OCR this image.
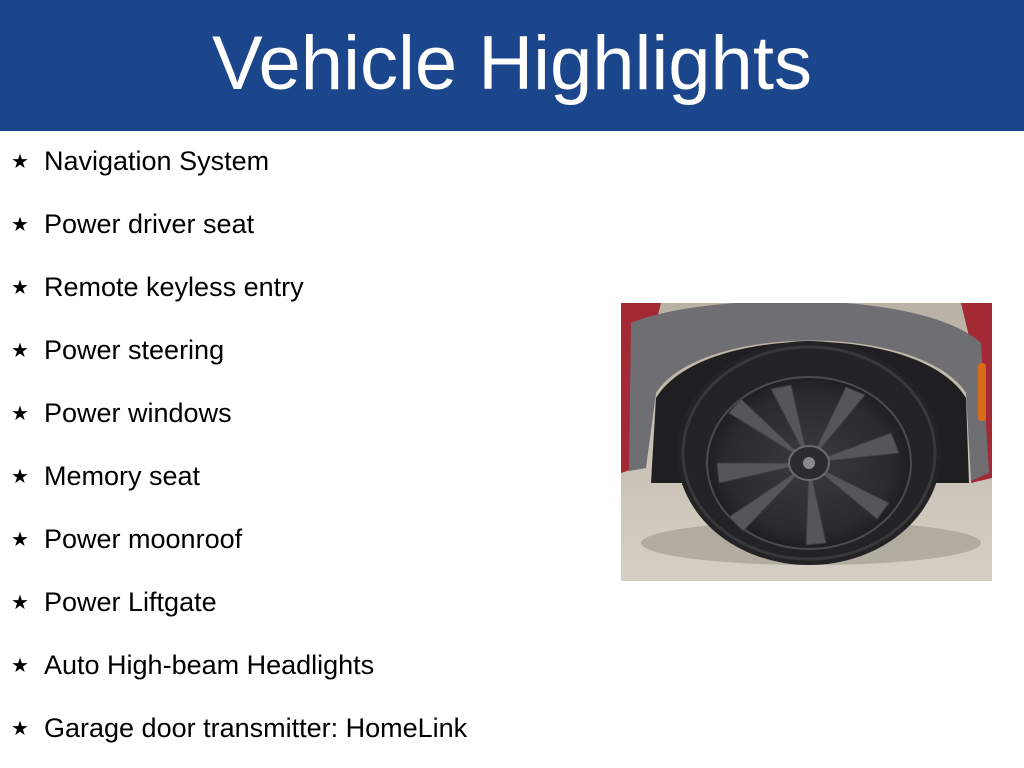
Vehicle Highlights
★ Navigation System
★ Power driver seat
★ Remote keyless entry
★ Power steering
★ Power windows
★ Memory seat
★ Power moonroof
★ Power Liftgate
★ Auto High-beam Headlights
★ Garage door transmitter: HomeLink
